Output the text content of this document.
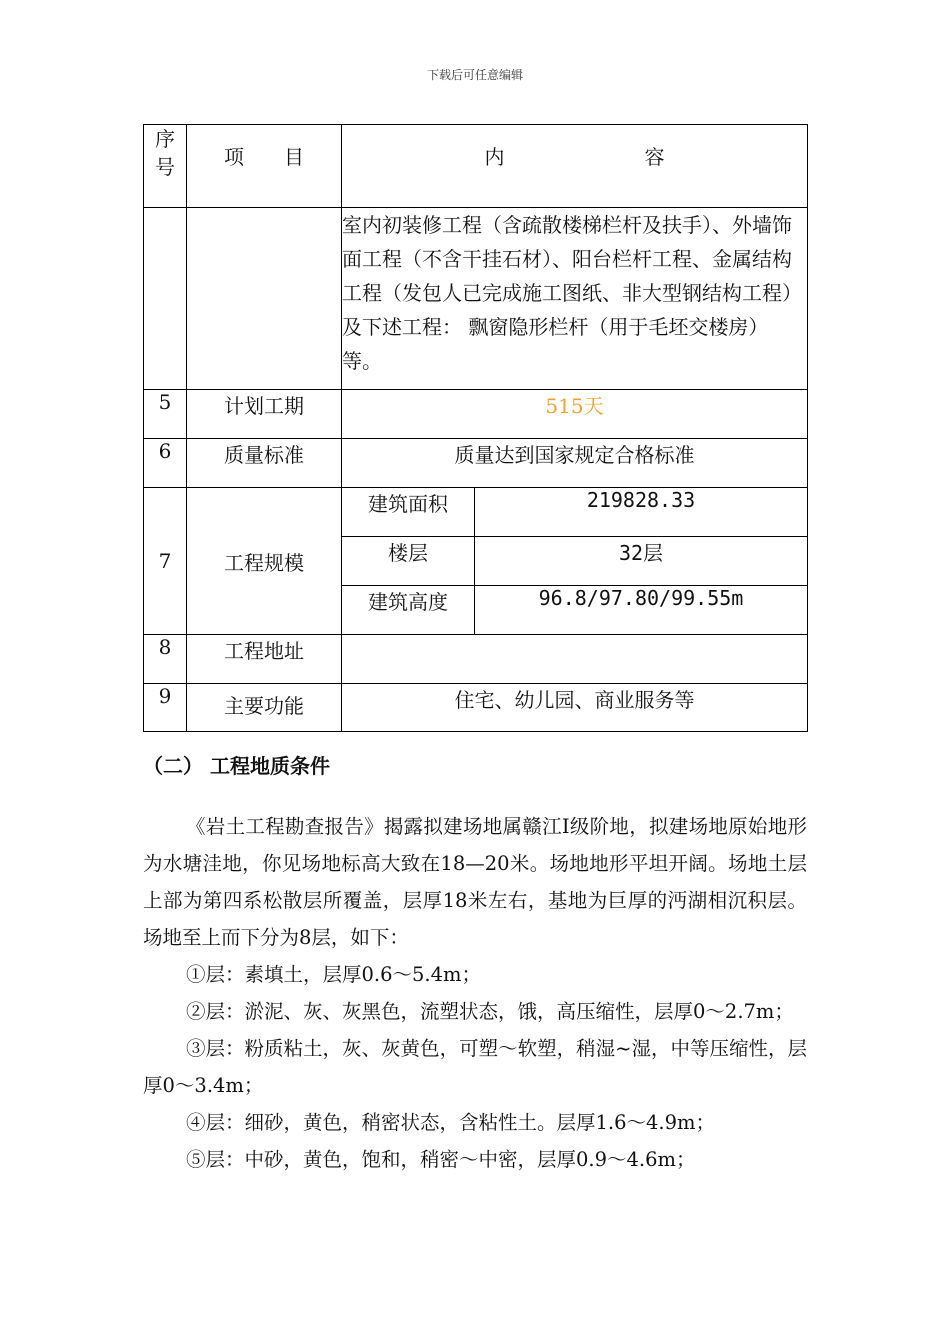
下载后可任意编辑
序号	项　　目	内　　　　　　　容	
		室内初装修工程（含疏散楼梯栏杆及扶手）、外墙饰面工程（不含干挂石材）、阳台栏杆工程、金属结构工程（发包人已完成施工图纸、非大型钢结构工程）及下述工程： 飘窗隐形栏杆（用于毛坯交楼房）等。	
5	计划工期	515天	
6	质量标准	质量达到国家规定合格标准	
7	工程规模	建筑面积	219828.33
		楼层	32层
		建筑高度	96.8/97.80/99.55m
8	工程地址		
9	主要功能	住宅、幼儿园、商业服务等	
（二） 工程地质条件

《岩土工程勘查报告》揭露拟建场地属赣江Ⅰ级阶地，拟建场地原始地形为水塘洼地，你见场地标高大致在18—20米。场地地形平坦开阔。场地土层上部为第四系松散层所覆盖，层厚18米左右，基地为巨厚的沔湖相沉积层。场地至上而下分为8层，如下：

①层：素填土，层厚0.6～5.4m；

②层：淤泥、灰、灰黑色，流塑状态，饿，高压缩性，层厚0～2.7m；

③层：粉质粘土，灰、灰黄色，可塑～软塑，稍湿~湿，中等压缩性，层厚0～3.4m；

④层：细砂，黄色，稍密状态，含粘性土。层厚1.6～4.9m；

⑤层：中砂，黄色，饱和，稍密～中密，层厚0.9～4.6m；
